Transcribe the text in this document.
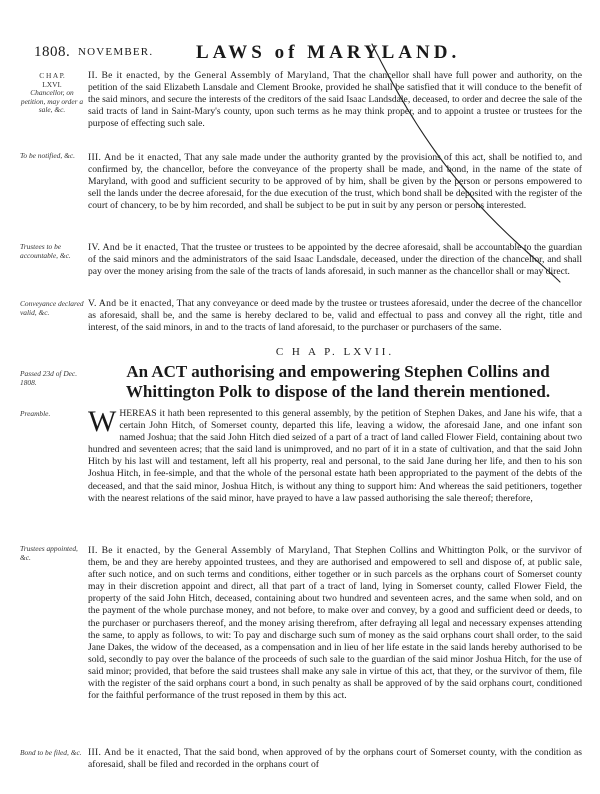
1808. NOVEMBER. LAWS of MARYLAND.
C H A P.
LXVI.
Chancellor, on petition, may order a sale, &c.
To be notified, &c.
Trustees to be accountable, &c.
Conveyance declared valid, &c.
Passed 23d of Dec. 1808.
Preamble.
Trustees appointed, &c.
Bond to be filed, &c.
II. Be it enacted, by the General Assembly of Maryland, That the chancellor shall have full power and authority, on the petition of the said Elizabeth Lansdale and Clement Brooke, provided he shall be satisfied that it will conduce to the benefit of the said minors, and secure the interests of the creditors of the said Isaac Landsdale, deceased, to order and decree the sale of the said tracts of land in Saint-Mary's county, upon such terms as he may think proper, and to appoint a trustee or trustees for the purpose of effecting such sale.
III. And be it enacted, That any sale made under the authority granted by the provisions of this act, shall be notified to, and confirmed by, the chancellor, before the conveyance of the property shall be made, and bond, in the name of the state of Maryland, with good and sufficient security to be approved of by him, shall be given by the person or persons empowered to sell the lands under the decree aforesaid, for the due execution of the trust, which bond shall be deposited with the register of the court of chancery, to be by him recorded, and shall be subject to be put in suit by any person or persons interested.
IV. And be it enacted, That the trustee or trustees to be appointed by the decree aforesaid, shall be accountable to the guardian of the said minors and the administrators of the said Isaac Landsdale, deceased, under the direction of the chancellor, and shall pay over the money arising from the sale of the tracts of lands aforesaid, in such manner as the chancellor shall or may direct.
V. And be it enacted, That any conveyance or deed made by the trustee or trustees aforesaid, under the decree of the chancellor as aforesaid, shall be, and the same is hereby declared to be, valid and effectual to pass and convey all the right, title and interest, of the said minors, in and to the tracts of land aforesaid, to the purchaser or purchasers of the same.
C H A P. LXVII.
An ACT authorising and empowering Stephen Collins and Whittington Polk to dispose of the land therein mentioned.
WHEREAS it hath been represented to this general assembly, by the petition of Stephen Dakes, and Jane his wife, that a certain John Hitch, of Somerset county, departed this life, leaving a widow, the aforesaid Jane, and one infant son named Joshua; that the said John Hitch died seized of a part of a tract of land called Flower Field, containing about two hundred and seventeen acres; that the said land is unimproved, and no part of it in a state of cultivation, and that the said John Hitch by his last will and testament, left all his property, real and personal, to the said Jane during her life, and then to his son Joshua Hitch, in fee-simple, and that the whole of the personal estate hath been appropriated to the payment of the debts of the deceased, and that the said minor, Joshua Hitch, is without any thing to support him: And whereas the said petitioners, together with the nearest relations of the said minor, have prayed to have a law passed authorising the sale thereof; therefore,
II. Be it enacted, by the General Assembly of Maryland, That Stephen Collins and Whittington Polk, or the survivor of them, be and they are hereby appointed trustees, and they are authorised and empowered to sell and dispose of, at public sale, after such notice, and on such terms and conditions, either together or in such parcels as the orphans court of Somerset county may in their discretion appoint and direct, all that part of a tract of land, lying in Somerset county, called Flower Field, the property of the said John Hitch, deceased, containing about two hundred and seventeen acres, and the same when sold, and on the payment of the whole purchase money, and not before, to make over and convey, by a good and sufficient deed or deeds, to the purchaser or purchasers thereof, and the money arising therefrom, after defraying all legal and necessary expenses attending the same, to apply as follows, to wit: To pay and discharge such sum of money as the said orphans court shall order, to the said Jane Dakes, the widow of the deceased, as a compensation and in lieu of her life estate in the said lands hereby authorised to be sold, secondly to pay over the balance of the proceeds of such sale to the guardian of the said minor Joshua Hitch, for the use of said minor; provided, that before the said trustees shall make any sale in virtue of this act, that they, or the survivor of them, file with the register of the said orphans court a bond, in such penalty as shall be approved of by the said orphans court, conditioned for the faithful performance of the trust reposed in them by this act.
III. And be it enacted, That the said bond, when approved of by the orphans court of Somerset county, with the condition as aforesaid, shall be filed and recorded in the orphans court of
